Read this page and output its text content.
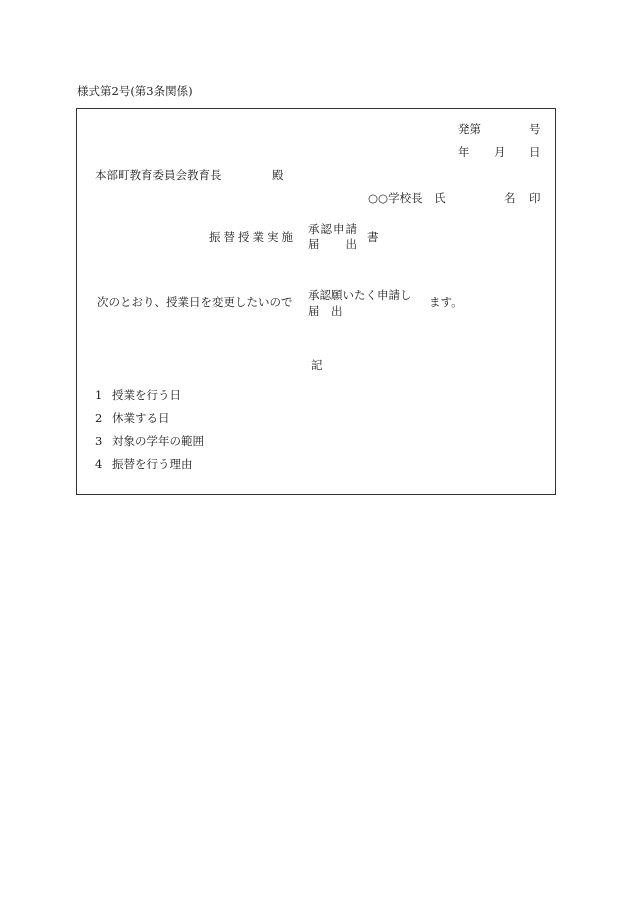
様式第2号(第3条関係)
発第	号
年 月 日
本部町教育委員会教育長	殿
○○学校長　氏	名 印
振替授業実施
承認申請
届　　出 書
次のとおり、授業日を変更したいので 承認願いたく申請し
届　出
ます。
記
1 授業を行う日
2 休業する日
3 対象の学年の範囲
4 振替を行う理由
